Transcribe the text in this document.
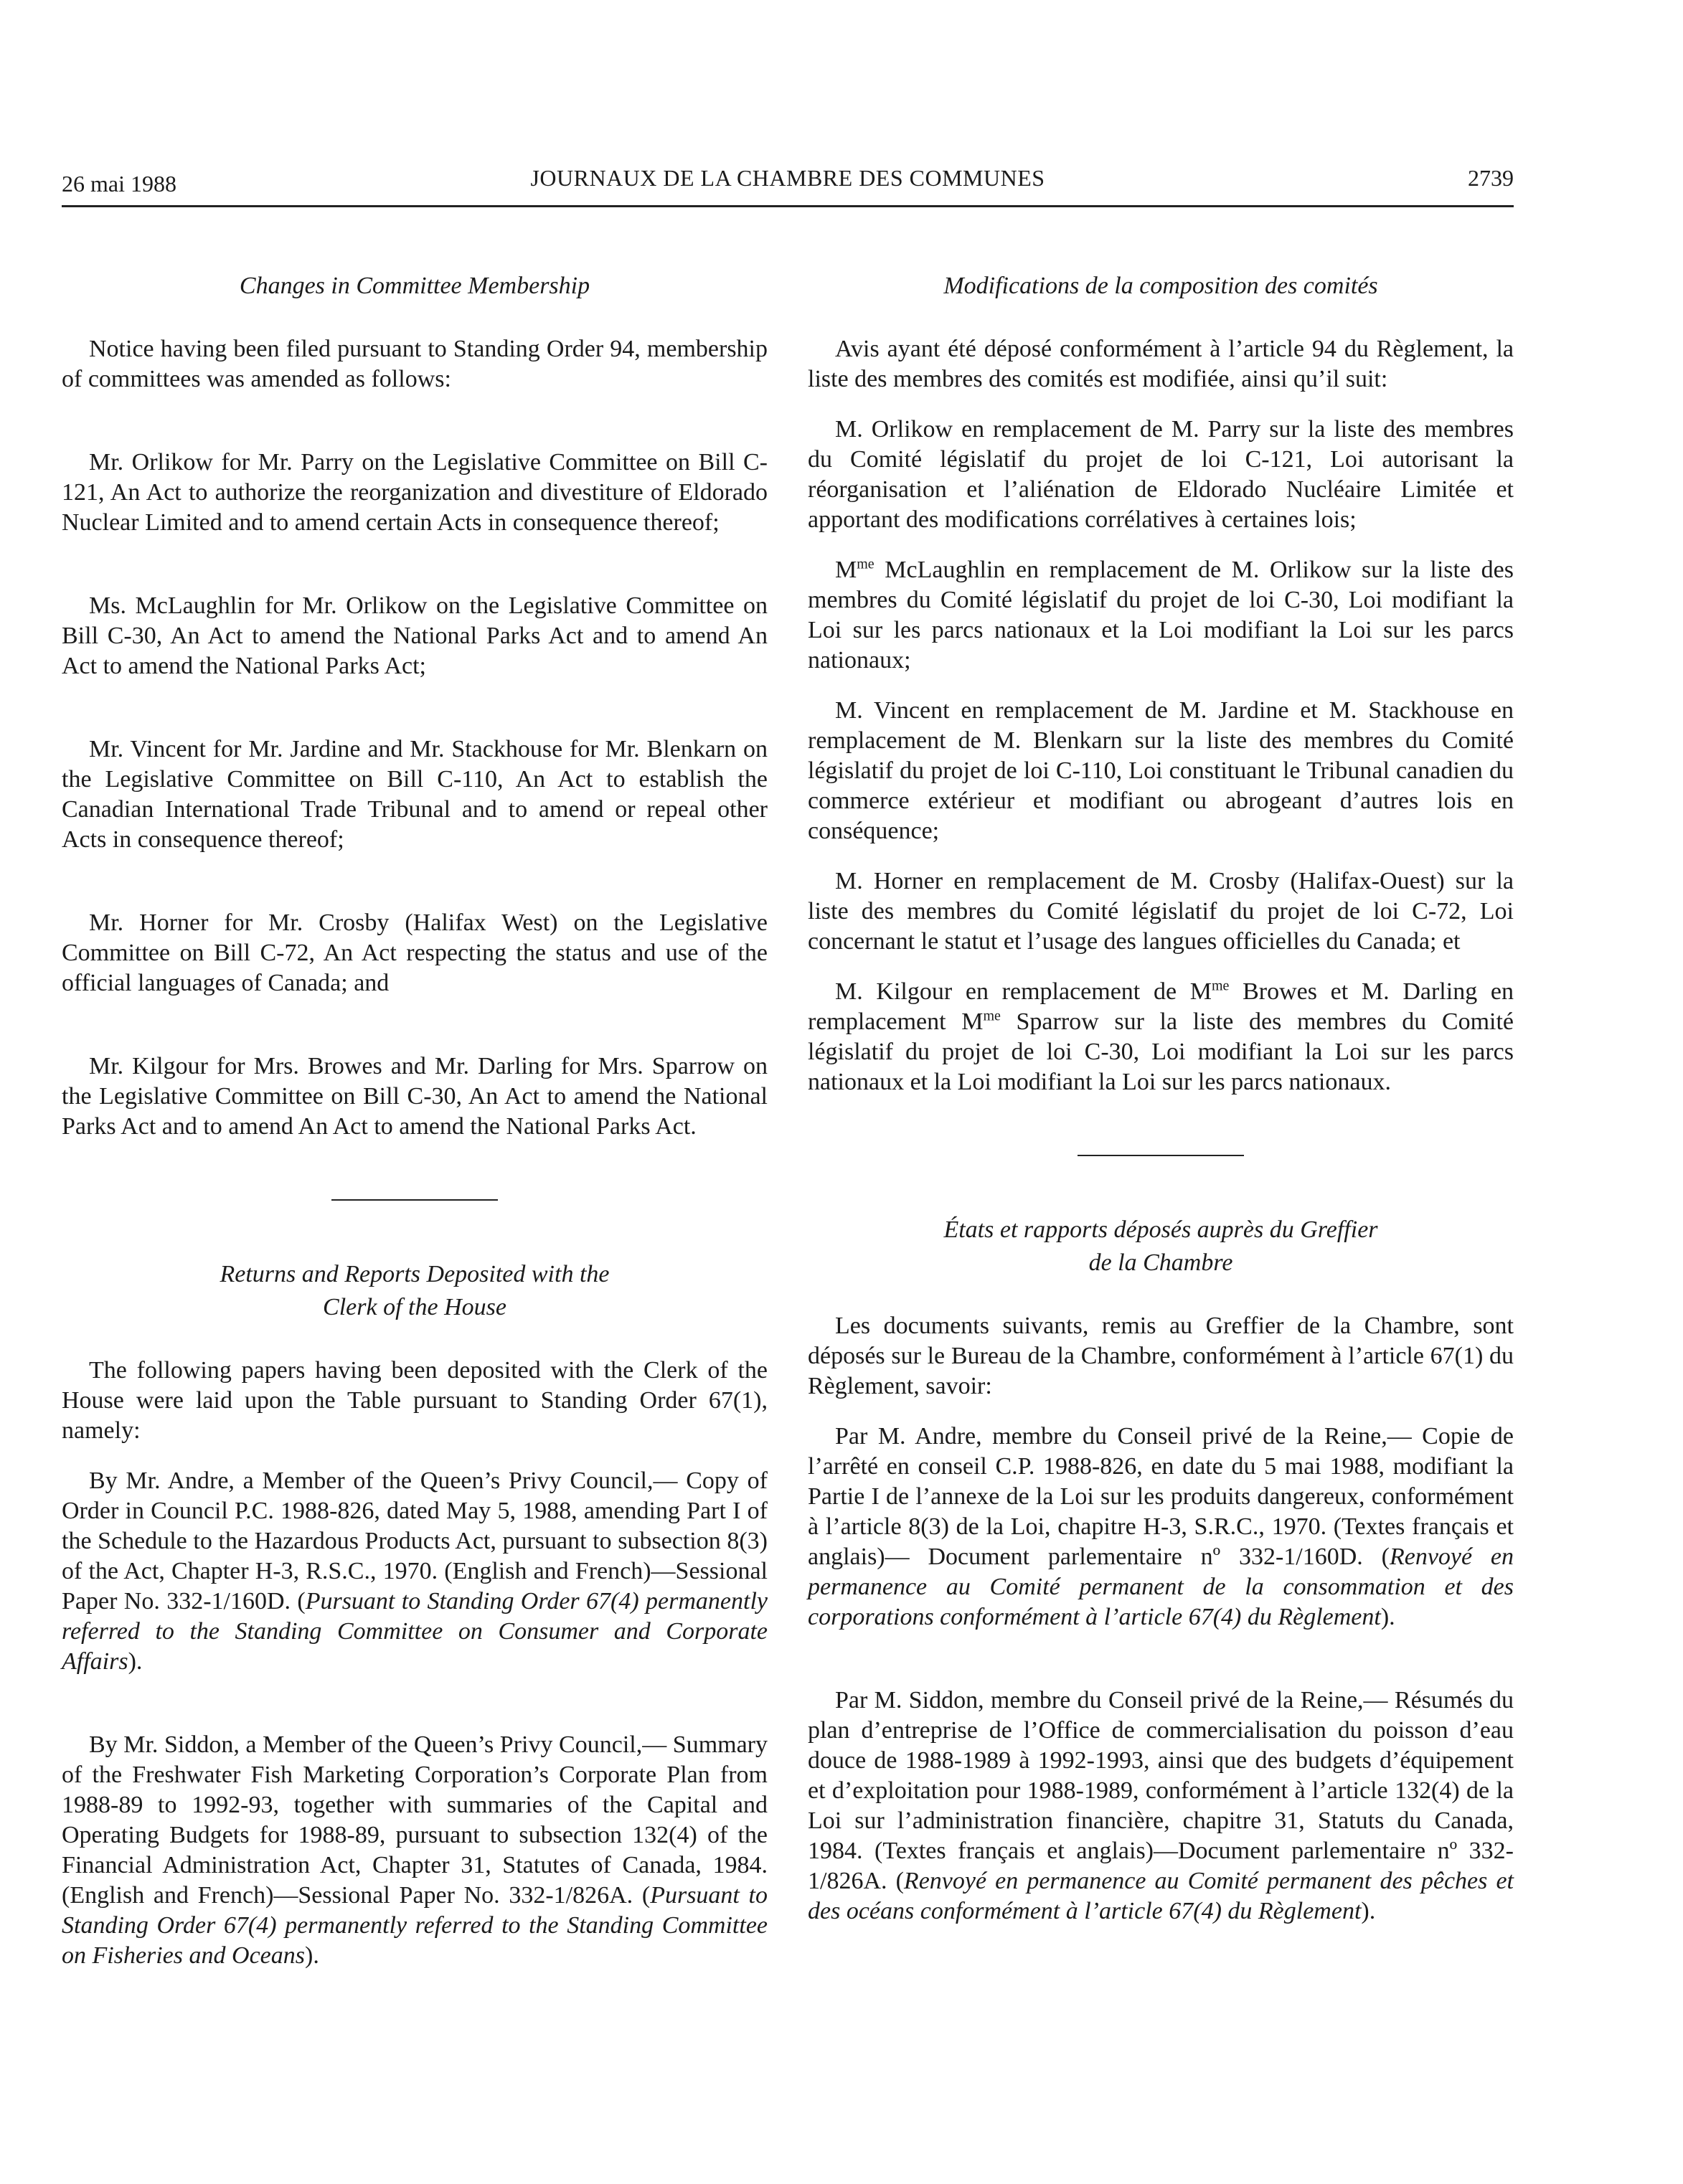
26 mai 1988	JOURNAUX DE LA CHAMBRE DES COMMUNES	2739
Changes in Committee Membership

Notice having been filed pursuant to Standing Order 94, membership of committees was amended as follows:

Mr. Orlikow for Mr. Parry on the Legislative Committee on Bill C-121, An Act to authorize the reorganization and divestiture of Eldorado Nuclear Limited and to amend certain Acts in consequence thereof;

Ms. McLaughlin for Mr. Orlikow on the Legislative Committee on Bill C-30, An Act to amend the National Parks Act and to amend An Act to amend the National Parks Act;

Mr. Vincent for Mr. Jardine and Mr. Stackhouse for Mr. Blenkarn on the Legislative Committee on Bill C-110, An Act to establish the Canadian International Trade Tribunal and to amend or repeal other Acts in consequence thereof;

Mr. Horner for Mr. Crosby (Halifax West) on the Legislative Committee on Bill C-72, An Act respecting the status and use of the official languages of Canada; and

Mr. Kilgour for Mrs. Browes and Mr. Darling for Mrs. Sparrow on the Legislative Committee on Bill C-30, An Act to amend the National Parks Act and to amend An Act to amend the National Parks Act.

Returns and Reports Deposited with the
Clerk of the House

The following papers having been deposited with the Clerk of the House were laid upon the Table pursuant to Standing Order 67(1), namely:

By Mr. Andre, a Member of the Queen’s Privy Council,— Copy of Order in Council P.C. 1988-826, dated May 5, 1988, amending Part I of the Schedule to the Hazardous Products Act, pursuant to subsection 8(3) of the Act, Chapter H-3, R.S.C., 1970. (English and French)—Sessional Paper No. 332-1/160D. (Pursuant to Standing Order 67(4) permanently referred to the Standing Committee on Consumer and Corporate Affairs).

By Mr. Siddon, a Member of the Queen’s Privy Council,— Summary of the Freshwater Fish Marketing Corporation’s Corporate Plan from 1988-89 to 1992-93, together with summaries of the Capital and Operating Budgets for 1988-89, pursuant to subsection 132(4) of the Financial Administration Act, Chapter 31, Statutes of Canada, 1984. (English and French)—Sessional Paper No. 332-1/826A. (Pursuant to Standing Order 67(4) permanently referred to the Standing Committee on Fisheries and Oceans).

Modifications de la composition des comités

Avis ayant été déposé conformément à l’article 94 du Règlement, la liste des membres des comités est modifiée, ainsi qu’il suit:

M. Orlikow en remplacement de M. Parry sur la liste des membres du Comité législatif du projet de loi C-121, Loi autorisant la réorganisation et l’aliénation de Eldorado Nucléaire Limitée et apportant des modifications corrélatives à certaines lois;

$M^{me}$ McLaughlin en remplacement de M. Orlikow sur la liste des membres du Comité législatif du projet de loi C-30, Loi modifiant la Loi sur les parcs nationaux et la Loi modifiant la Loi sur les parcs nationaux;

M. Vincent en remplacement de M. Jardine et M. Stackhouse en remplacement de M. Blenkarn sur la liste des membres du Comité législatif du projet de loi C-110, Loi constituant le Tribunal canadien du commerce extérieur et modifiant ou abrogeant d’autres lois en conséquence;

M. Horner en remplacement de M. Crosby (Halifax-Ouest) sur la liste des membres du Comité législatif du projet de loi C-72, Loi concernant le statut et l’usage des langues officielles du Canada; et

M. Kilgour en remplacement de $M^{me}$ Browes et M. Darling en remplacement $M^{me}$ Sparrow sur la liste des membres du Comité législatif du projet de loi C-30, Loi modifiant la Loi sur les parcs nationaux et la Loi modifiant la Loi sur les parcs nationaux.

États et rapports déposés auprès du Greffier
de la Chambre

Les documents suivants, remis au Greffier de la Chambre, sont déposés sur le Bureau de la Chambre, conformément à l’article 67(1) du Règlement, savoir:

Par M. Andre, membre du Conseil privé de la Reine,— Copie de l’arrêté en conseil C.P. 1988-826, en date du 5 mai 1988, modifiant la Partie I de l’annexe de la Loi sur les produits dangereux, conformément à l’article 8(3) de la Loi, chapitre H-3, S.R.C., 1970. (Textes français et anglais)— Document parlementaire nº 332-1/160D. (Renvoyé en permanence au Comité permanent de la consommation et des corporations conformément à l’article 67(4) du Règlement).

Par M. Siddon, membre du Conseil privé de la Reine,— Résumés du plan d’entreprise de l’Office de commercialisation du poisson d’eau douce de 1988-1989 à 1992-1993, ainsi que des budgets d’équipement et d’exploitation pour 1988-1989, conformément à l’article 132(4) de la Loi sur l’administration financière, chapitre 31, Statuts du Canada, 1984. (Textes français et anglais)—Document parlementaire nº 332-1/826A. (Renvoyé en permanence au Comité permanent des pêches et des océans conformément à l’article 67(4) du Règlement).
